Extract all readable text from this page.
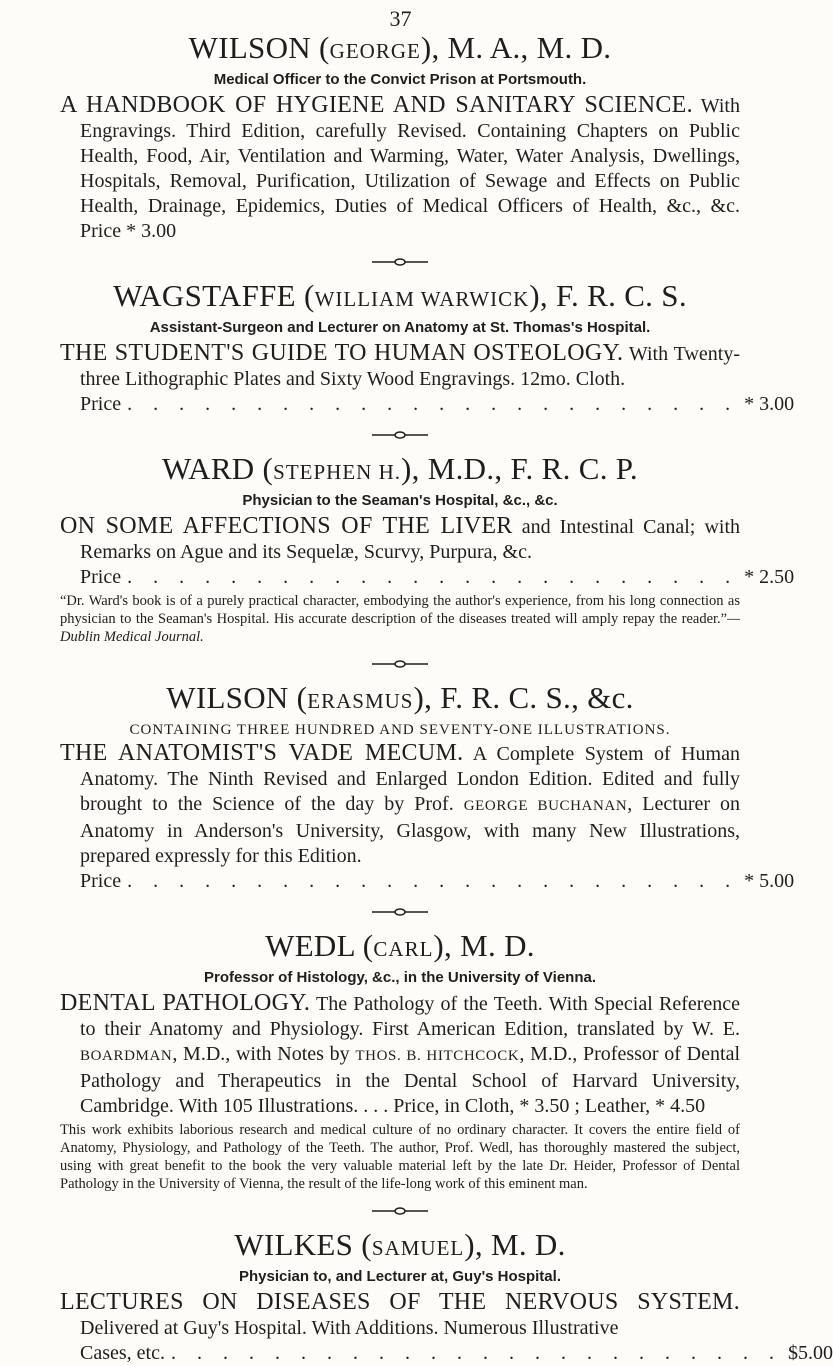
37

WILSON (GEORGE), M. A., M. D.

Medical Officer to the Convict Prison at Portsmouth.

A HANDBOOK OF HYGIENE AND SANITARY SCIENCE. With Engravings. Third Edition, carefully Revised. Containing Chapters on Public Health, Food, Air, Ventilation and Warming, Water, Water Analysis, Dwellings, Hospitals, Removal, Purification, Utilization of Sewage and Effects on Public Health, Drainage, Epidemics, Duties of Medical Officers of Health, &c., &c. Price * 3.00

WAGSTAFFE (WILLIAM WARWICK), F. R. C. S.

Assistant-Surgeon and Lecturer on Anatomy at St. Thomas's Hospital.

THE STUDENT'S GUIDE TO HUMAN OSTEOLOGY. With Twenty-three Lithographic Plates and Sixty Wood Engravings. 12mo. Cloth.

Price . . . . . . . . . . . . . . . . . . . . . . . . * 3.00

WARD (STEPHEN H.), M.D., F. R. C. P.

Physician to the Seaman's Hospital, &c., &c.

ON SOME AFFECTIONS OF THE LIVER and Intestinal Canal; with Remarks on Ague and its Sequelæ, Scurvy, Purpura, &c.

Price . . . . . . . . . . . . . . . . . . . . . . . . * 2.50

“Dr. Ward's book is of a purely practical character, embodying the author's experience, from his long connection as physician to the Seaman's Hospital. His accurate description of the diseases treated will amply repay the reader.”—Dublin Medical Journal.

WILSON (ERASMUS), F. R. C. S., &c.

CONTAINING THREE HUNDRED AND SEVENTY-ONE ILLUSTRATIONS.

THE ANATOMIST'S VADE MECUM. A Complete System of Human Anatomy. The Ninth Revised and Enlarged London Edition. Edited and fully brought to the Science of the day by Prof. GEORGE BUCHANAN, Lecturer on Anatomy in Anderson's University, Glasgow, with many New Illustrations, prepared expressly for this Edition.

Price . . . . . . . . . . . . . . . . . . . . . . . . * 5.00

WEDL (CARL), M. D.

Professor of Histology, &c., in the University of Vienna.

DENTAL PATHOLOGY. The Pathology of the Teeth. With Special Reference to their Anatomy and Physiology. First American Edition, translated by W. E. BOARDMAN, M.D., with Notes by THOS. B. HITCHCOCK, M.D., Professor of Dental Pathology and Therapeutics in the Dental School of Harvard University, Cambridge. With 105 Illustrations. . . . Price, in Cloth, * 3.50 ; Leather, * 4.50

This work exhibits laborious research and medical culture of no ordinary character. It covers the entire field of Anatomy, Physiology, and Pathology of the Teeth. The author, Prof. Wedl, has thoroughly mastered the subject, using with great benefit to the book the very valuable material left by the late Dr. Heider, Professor of Dental Pathology in the University of Vienna, the result of the life-long work of this eminent man.

WILKES (SAMUEL), M. D.

Physician to, and Lecturer at, Guy's Hospital.

LECTURES ON DISEASES OF THE NERVOUS SYSTEM. Delivered at Guy's Hospital. With Additions. Numerous Illustrative

Cases, etc. . . . . . . . . . . . . . . . . . . . . . . . . $5.00
